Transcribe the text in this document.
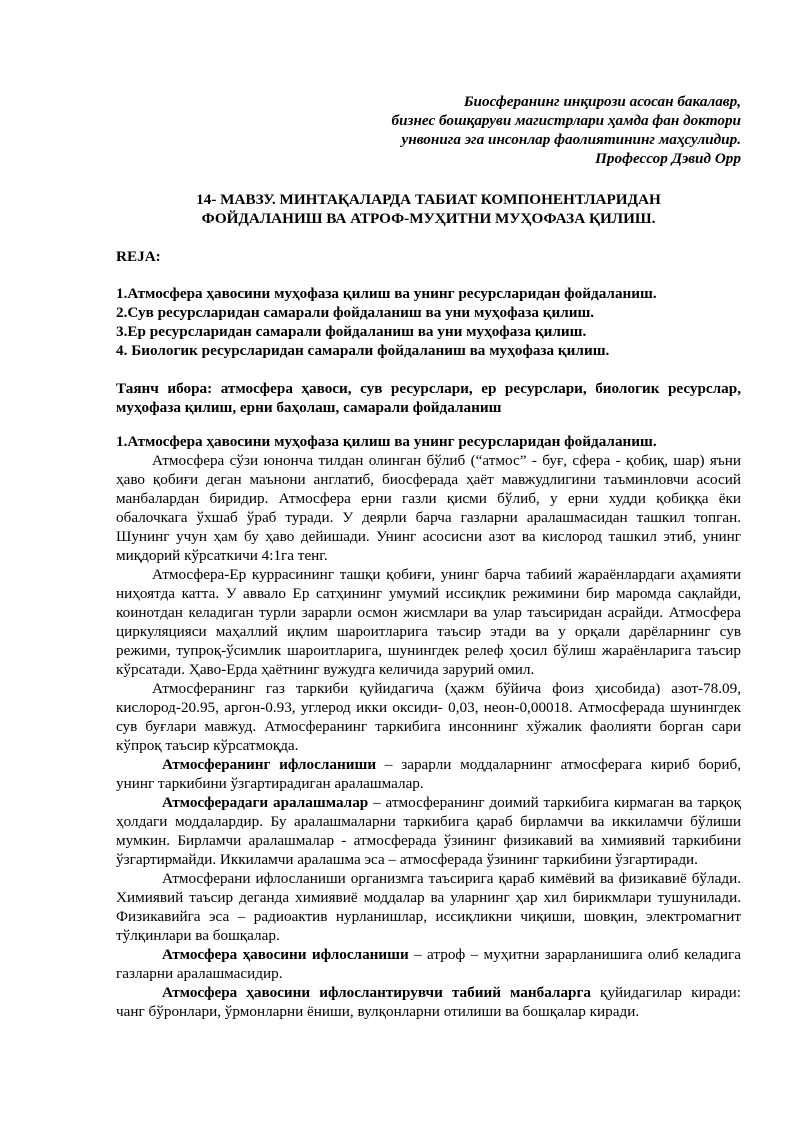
Биосферанинг инқирози асосан бакалавр,
бизнес бошқаруви магистрлари ҳамда фан доктори
унвонига эга инсонлар фаолиятининг маҳсулидир.
Профессор Дэвид Орр
14- МАВЗУ. МИНТАҚАЛАРДА ТАБИАТ КОМПОНЕНТЛАРИДАН
ФОЙДАЛАНИШ ВА АТРОФ-МУҲИТНИ МУҲОФАЗА ҚИЛИШ.
REJA:
1.Атмосфера ҳавосини муҳофаза қилиш ва унинг ресурсларидан фойдаланиш.
2.Сув ресурсларидан самарали фойдаланиш ва уни муҳофаза қилиш.
3.Ер ресурсларидан самарали фойдаланиш ва уни муҳофаза қилиш.
4. Биологик ресурсларидан самарали фойдаланиш ва муҳофаза қилиш.
Таянч ибора: атмосфера ҳавоси, сув ресурслари, ер ресурслари, биологик ресурслар, муҳофаза қилиш, ерни баҳолаш, самарали фойдаланиш
1.Атмосфера ҳавосини муҳофаза қилиш ва унинг ресурсларидан фойдаланиш.

Атмосфера сўзи юнонча тилдан олинган бўлиб (“атмос” - буғ, сфера - қобиқ, шар) яъни ҳаво қобиғи деган маънони англатиб, биосферада ҳаёт мавжудлигини таъминловчи асосий манбалардан биридир. Атмосфера ерни газли қисми бўлиб, у ерни худди қобиққа ёки обалочкага ўхшаб ўраб туради. У деярли барча газларни аралашмасидан ташкил топган. Шунинг учун ҳам бу ҳаво дейишади. Унинг асосисни азот ва кислород ташкил этиб, унинг миқдорий кўрсаткичи 4:1га тенг.

Атмосфера-Ер куррасининг ташқи қобиғи, унинг барча табиий жараёнлардаги аҳамияти ниҳоятда катта. У аввало Ер сатҳининг умумий иссиқлик режимини бир маромда сақлайди, коинотдан келадиган турли зарарли осмон жисмлари ва улар таъсиридан асрайди. Атмосфера циркуляцияси маҳаллий иқлим шароитларига таъсир этади ва у орқали дарёларнинг сув режими, тупроқ-ўсимлик шароитларига, шунингдек релеф ҳосил бўлиш жараёнларига таъсир кўрсатади. Ҳаво-Ерда ҳаётнинг вужудга келичида зарурий омил.

Атмосферанинг газ таркиби қуйидагича (ҳажм бўйича фоиз ҳисобида) азот-78.09, кислород-20.95, аргон-0.93, углерод икки оксиди- 0,03, неон-0,00018. Атмосферада шунингдек сув буғлари мавжуд. Атмосферанинг таркибига инсоннинг хўжалик фаолияти борган сари кўпроқ таъсир кўрсатмоқда.

Атмосферанинг ифлосланиши – зарарли моддаларнинг атмосферага кириб бориб, унинг таркибини ўзгартирадиган аралашмалар.

Атмосферадаги аралашмалар – атмосферанинг доимий таркибига кирмаган ва тарқоқ ҳолдаги моддалардир. Бу аралашмаларни таркибига қараб бирламчи ва иккиламчи бўлиши мумкин. Бирламчи аралашмалар - атмосферада ўзининг физикавий ва химиявий таркибини ўзгартирмайди. Иккиламчи аралашма эса – атмосферада ўзининг таркибини ўзгартиради.

Атмосферани ифлосланиши организмга таъсирига қараб кимёвий ва физикавиё бўлади. Химиявий таъсир деганда химиявиё моддалар ва уларнинг ҳар хил бирикмлари тушунилади. Физикавийга эса – радиоактив нурланишлар, иссиқликни чиқиши, шовқин, электромагнит тўлқинлари ва бошқалар.

Атмосфера ҳавосини ифлосланиши – атроф – муҳитни зарарланишига олиб келадига газларни аралашмасидир.

Атмосфера ҳавосини ифлослантирувчи табиий манбаларга қуйидагилар киради: чанг бўронлари, ўрмонларни ёниши, вулқонларни отилиши ва бошқалар киради.
